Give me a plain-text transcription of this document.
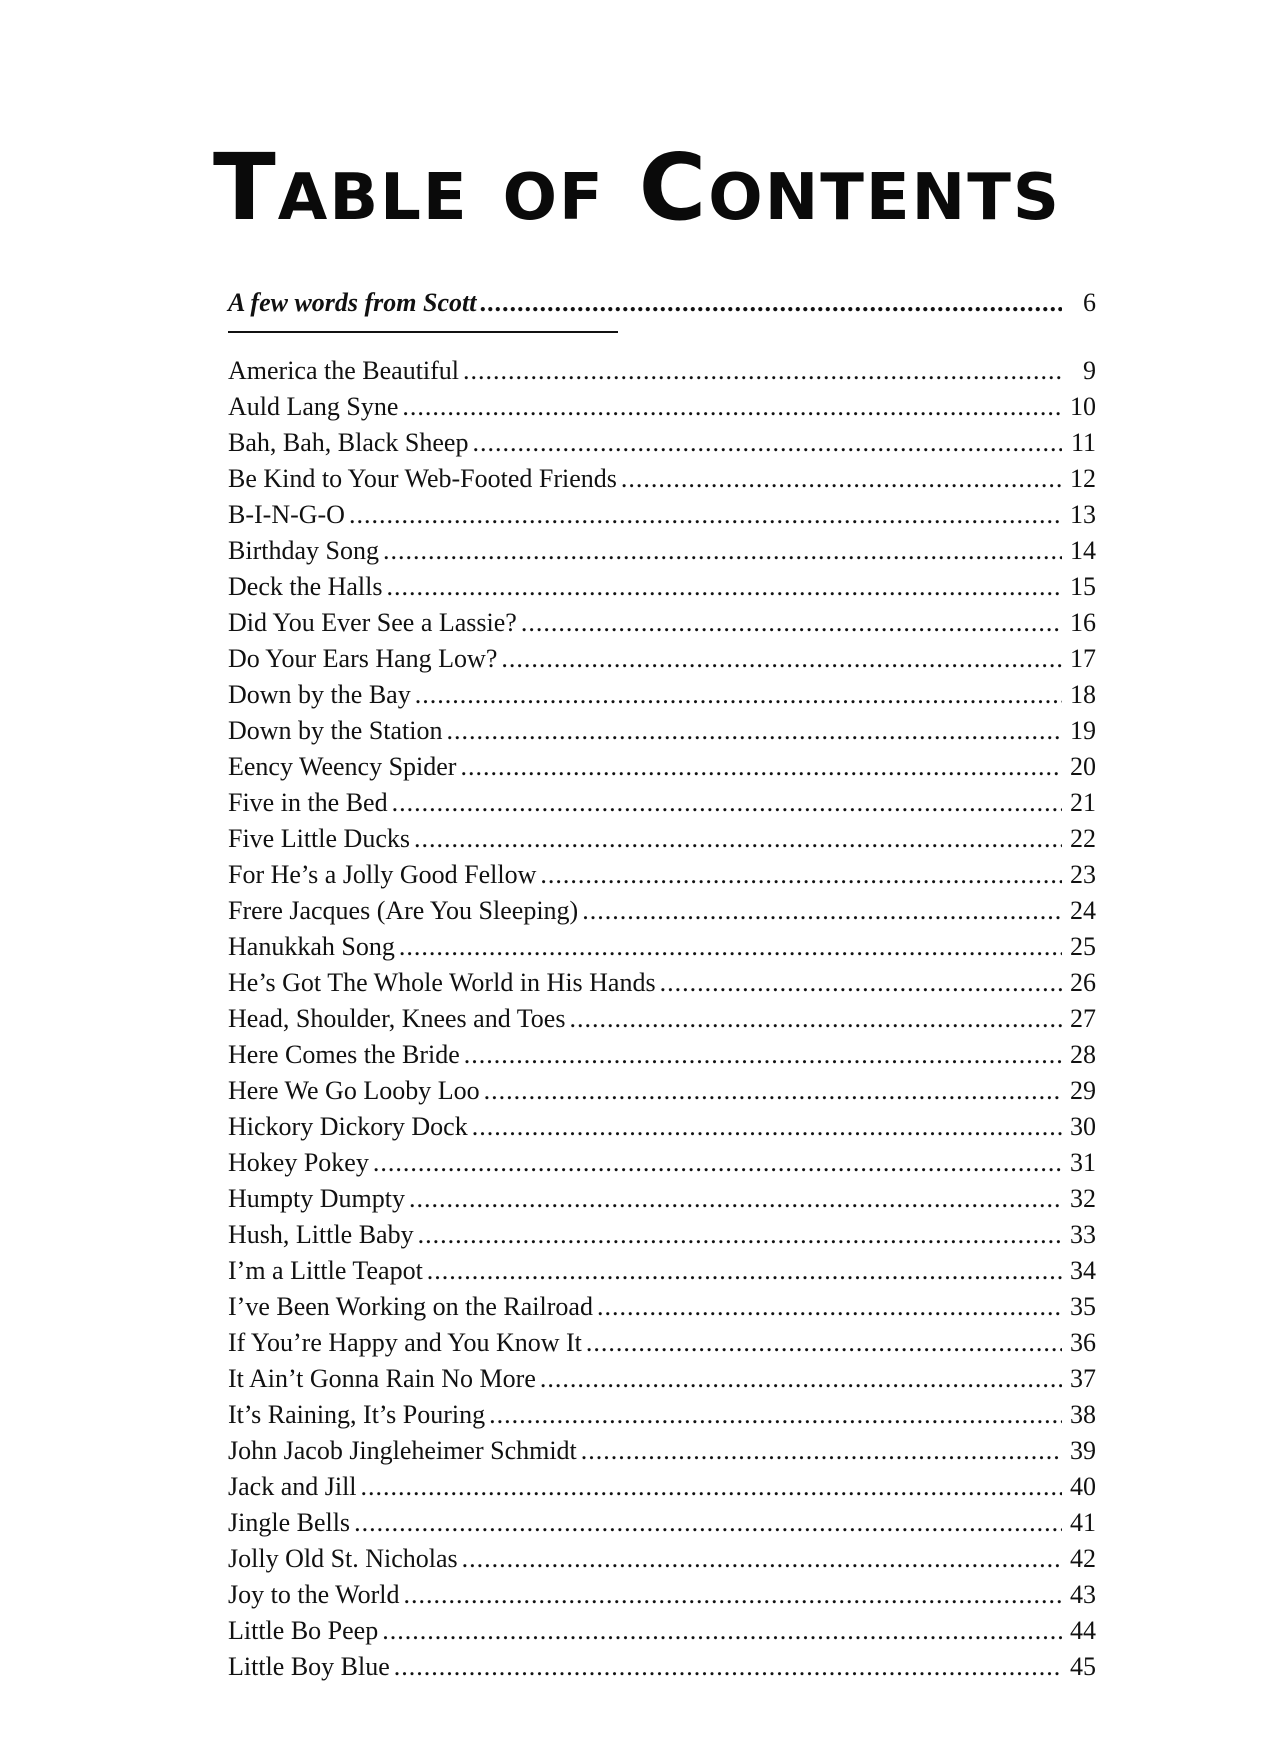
Table of Contents
A few words from Scott .....	6
America the Beautiful .....	9
Auld Lang Syne .....	10
Bah, Bah, Black Sheep .....	11
Be Kind to Your Web-Footed Friends .....	12
B-I-N-G-O .....	13
Birthday Song .....	14
Deck the Halls .....	15
Did You Ever See a Lassie? .....	16
Do Your Ears Hang Low? .....	17
Down by the Bay .....	18
Down by the Station .....	19
Eency Weency Spider .....	20
Five in the Bed .....	21
Five Little Ducks .....	22
For He’s a Jolly Good Fellow .....	23
Frere Jacques (Are You Sleeping) .....	24
Hanukkah Song .....	25
He’s Got The Whole World in His Hands .....	26
Head, Shoulder, Knees and Toes .....	27
Here Comes the Bride .....	28
Here We Go Looby Loo .....	29
Hickory Dickory Dock .....	30
Hokey Pokey .....	31
Humpty Dumpty .....	32
Hush, Little Baby .....	33
I’m a Little Teapot .....	34
I’ve Been Working on the Railroad .....	35
If You’re Happy and You Know It .....	36
It Ain’t Gonna Rain No More .....	37
It’s Raining, It’s Pouring .....	38
John Jacob Jingleheimer Schmidt .....	39
Jack and Jill .....	40
Jingle Bells .....	41
Jolly Old St. Nicholas .....	42
Joy to the World .....	43
Little Bo Peep .....	44
Little Boy Blue .....	45
